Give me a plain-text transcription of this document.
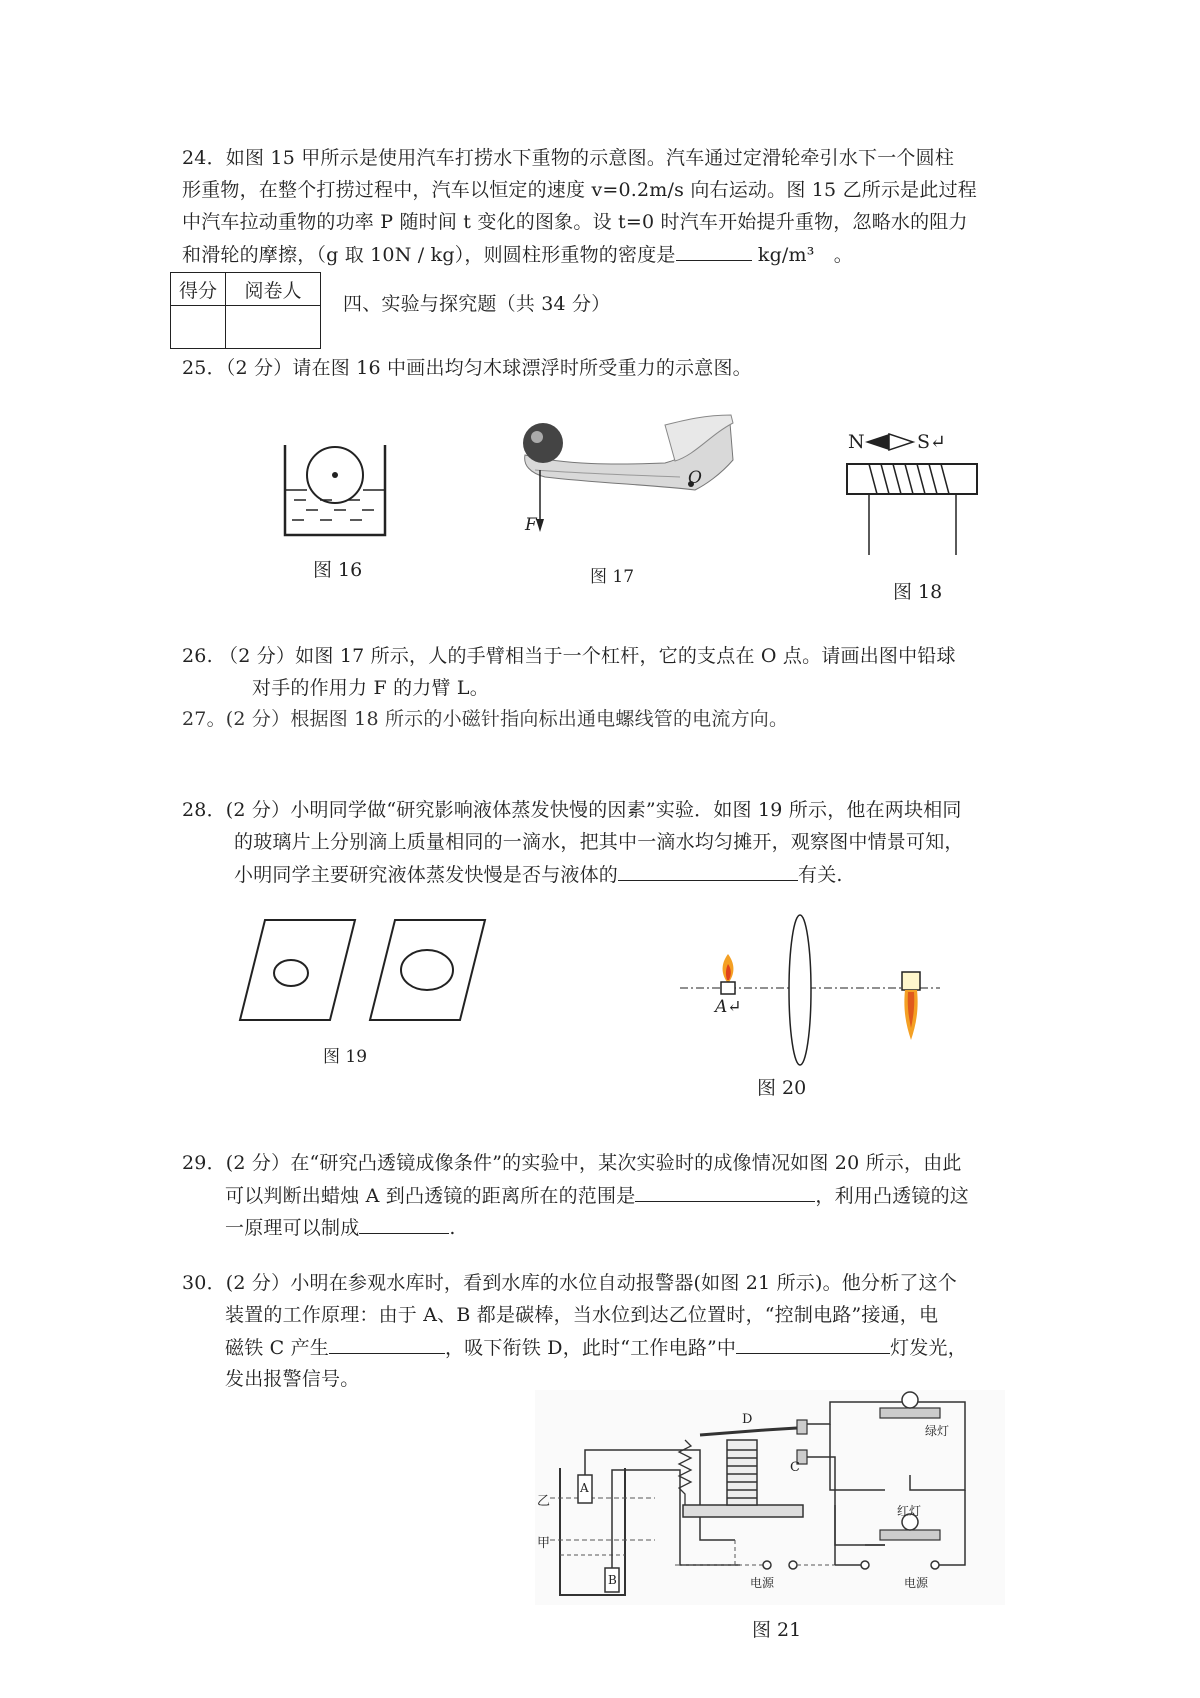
24．如图 15 甲所示是使用汽车打捞水下重物的示意图。汽车通过定滑轮牵引水下一个圆柱
形重物，在整个打捞过程中，汽车以恒定的速度 v=0.2m/s 向右运动。图 15 乙所示是此过程
中汽车拉动重物的功率 P 随时间 t 变化的图象。设 t=0 时汽车开始提升重物，忽略水的阻力
和滑轮的摩擦，（g 取 10N / kg），则圆柱形重物的密度是	kg/m³　。
得分	阅卷人

四、实验与探究题（共 34 分）
25．（2 分）请在图 16 中画出均匀木球漂浮时所受重力的示意图。
图 16
F
O
图 17
N	S↵
图 18
26. （2 分）如图 17 所示，人的手臂相当于一个杠杆，它的支点在 O 点。请画出图中铅球
对手的作用力 F 的力臂 L。
27。(2 分）根据图 18 所示的小磁针指向标出通电螺线管的电流方向。
28．(2 分）小明同学做“研究影响液体蒸发快慢的因素”实验．如图 19 所示，他在两块相同
的玻璃片上分别滴上质量相同的一滴水，把其中一滴水均匀摊开，观察图中情景可知，
小明同学主要研究液体蒸发快慢是否与液体的	有关.
图 19
A↵
图 20
29．(2 分）在“研究凸透镜成像条件”的实验中，某次实验时的成像情况如图 20 所示，由此
可以判断出蜡烛 A 到凸透镜的距离所在的范围是	，利用凸透镜的这
一原理可以制成	.
30．(2 分）小明在参观水库时，看到水库的水位自动报警器(如图 21 所示)。他分析了这个
装置的工作原理：由于 A、B 都是碳棒，当水位到达乙位置时，“控制电路”接通，电
磁铁 C 产生	，吸下衔铁 D，此时“工作电路”中	灯发光，
发出报警信号。
D
C
A
B
乙
甲
绿灯
红灯
电源	电源
图 21
